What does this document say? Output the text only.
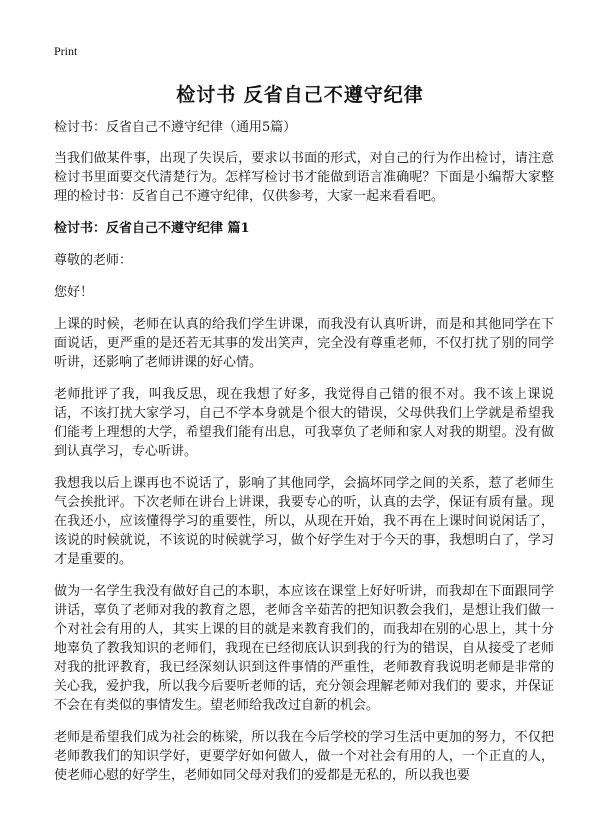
Print
检讨书 反省自己不遵守纪律

检讨书：反省自己不遵守纪律（通用5篇）

当我们做某件事，出现了失误后，要求以书面的形式，对自己的行为作出检讨，请注意检讨书里面要交代清楚行为。怎样写检讨书才能做到语言准确呢？下面是小编帮大家整理的检讨书：反省自己不遵守纪律，仅供参考，大家一起来看看吧。

检讨书：反省自己不遵守纪律 篇1

尊敬的老师：

您好！

上课的时候，老师在认真的给我们学生讲课，而我没有认真听讲，而是和其他同学在下面说话，更严重的是还若无其事的发出笑声，完全没有尊重老师，不仅打扰了别的同学听讲，还影响了老师讲课的好心情。

老师批评了我，叫我反思，现在我想了好多，我觉得自己错的很不对。我不该上课说话，不该打扰大家学习，自己不学本身就是个很大的错误，父母供我们上学就是希望我们能考上理想的大学，希望我们能有出息，可我辜负了老师和家人对我的期望。没有做到认真学习，专心听讲。

我想我以后上课再也不说话了，影响了其他同学，会搞坏同学之间的关系，惹了老师生气会挨批评。下次老师在讲台上讲课，我要专心的听，认真的去学，保证有质有量。现在我还小，应该懂得学习的重要性，所以，从现在开始，我不再在上课时间说闲话了，该说的时候就说，不该说的时候就学习，做个好学生对于今天的事，我想明白了，学习才是重要的。

做为一名学生我没有做好自己的本职，本应该在课堂上好好听讲，而我却在下面跟同学讲话，辜负了老师对我的教育之恩，老师含辛茹苦的把知识教会我们，是想让我们做一个对社会有用的人，其实上课的目的就是来教育我们的，而我却在别的心思上，其十分地辜负了教我知识的老师们，我现在已经彻底认识到我的行为的错误，自从接受了老师对我的批评教育，我已经深刻认识到这件事情的严重性，老师教育我说明老师是非常的关心我，爱护我，所以我今后要听老师的话，充分领会理解老师对我们的 要求，并保证不会在有类似的事情发生。望老师给我改过自新的机会。

老师是希望我们成为社会的栋梁，所以我在今后学校的学习生活中更加的努力，不仅把老师教我们的知识学好，更要学好如何做人，做一个对社会有用的人，一个正直的人，使老师心慰的好学生，老师如同父母对我们的爱都是无私的，所以我也要
